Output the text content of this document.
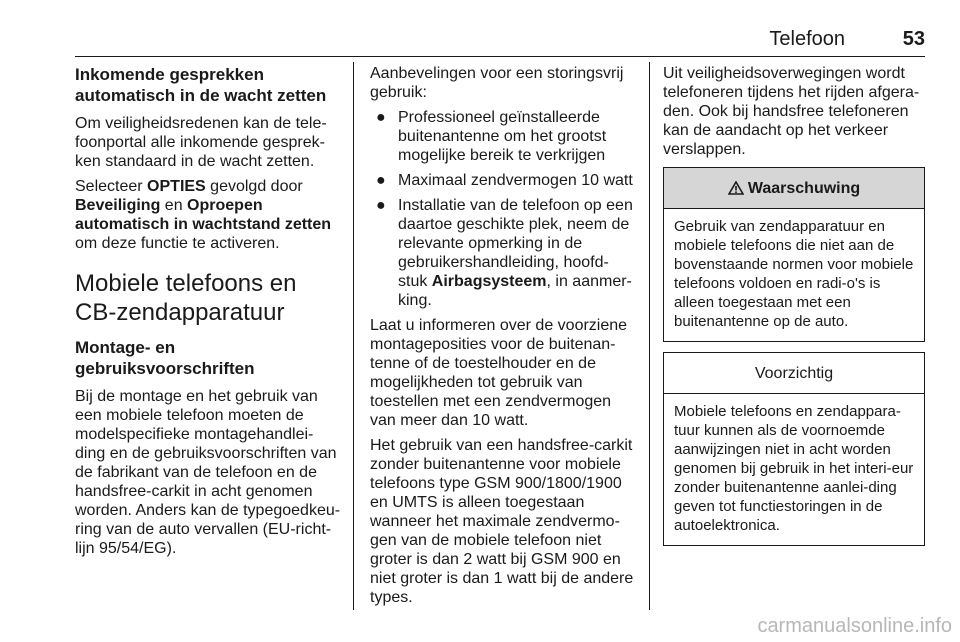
Telefoon	53
Inkomende gesprekken
automatisch in de wacht zetten

Om veiligheidsredenen kan de tele-foonportal alle inkomende gesprek-ken standaard in de wacht zetten.

Selecteer OPTIES gevolgd door Beveiliging en Oproepen automatisch in wachtstand zetten om deze functie te activeren.

Mobiele telefoons en
CB-zendapparatuur
Montage- en
gebruiksvoorschriften

Bij de montage en het gebruik van een mobiele telefoon moeten de modelspecifieke montagehandlei-ding en de gebruiksvoorschriften van de fabrikant van de telefoon en de handsfree-carkit in acht genomen worden. Anders kan de typegoedkeu-ring van de auto vervallen (EU-richt-lijn 95/54/EG).

Aanbevelingen voor een storingsvrij gebruik:

● Professioneel geïnstalleerde buitenantenne om het grootst mogelijke bereik te verkrijgen
● Maximaal zendvermogen 10 watt
● Installatie van de telefoon op een daartoe geschikte plek, neem de relevante opmerking in de gebruikershandleiding, hoofd-stuk Airbagsysteem, in aanmer-king.

Laat u informeren over de voorziene montageposities voor de buitenan-tenne of de toestelhouder en de mogelijkheden tot gebruik van toestellen met een zendvermogen van meer dan 10 watt.

Het gebruik van een handsfree-carkit zonder buitenantenne voor mobiele telefoons type GSM 900/1800/1900 en UMTS is alleen toegestaan wanneer het maximale zendvermo-gen van de mobiele telefoon niet groter is dan 2 watt bij GSM 900 en niet groter is dan 1 watt bij de andere types.

Uit veiligheidsoverwegingen wordt telefoneren tijdens het rijden afgera-den. Ook bij handsfree telefoneren kan de aandacht op het verkeer verslappen.

Waarschuwing
Gebruik van zendapparatuur en mobiele telefoons die niet aan de bovenstaande normen voor mobiele telefoons voldoen en radi-o's is alleen toegestaan met een buitenantenne op de auto.
Voorzichtig
Mobiele telefoons en zendappara-tuur kunnen als de voornoemde aanwijzingen niet in acht worden genomen bij gebruik in het interi-eur zonder buitenantenne aanlei-ding geven tot functiestoringen in de autoelektronica.
carmanualsonline.info
